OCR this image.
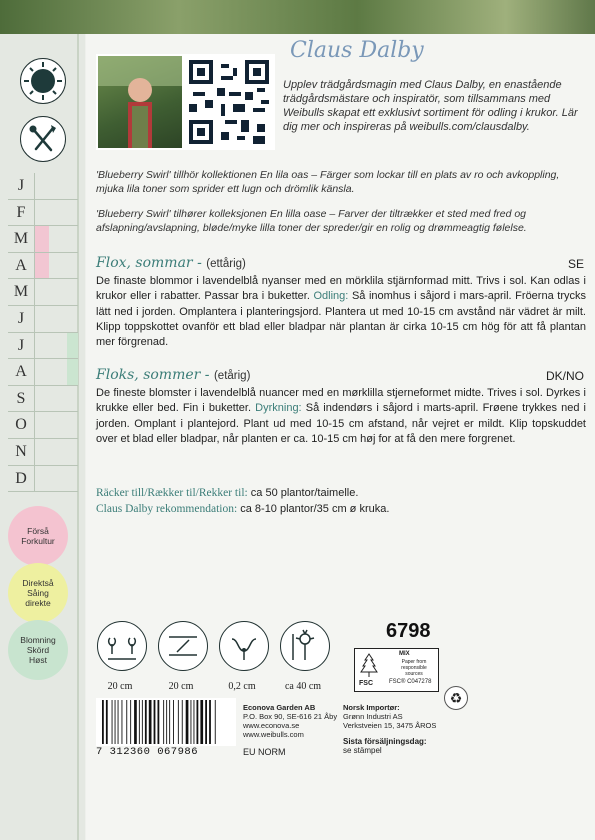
J
F
M
A
M
J
J
A
S
O
N
D
Förså
Forkultur
Direktså
Såing
direkte
Blomning
Skörd
Høst
Claus Dalby
Upplev trädgårdsmagin med Claus Dalby, en enastående trädgårdsmästare och inspiratör, som tillsammans med Weibulls skapat ett exklusivt sortiment för odling i krukor. Lär dig mer och inspireras på weibulls.com/clausdalby.
'Blueberry Swirl' tillhör kollektionen En lila oas – Färger som lockar till en plats av ro och avkoppling, mjuka lila toner som sprider ett lugn och drömlik känsla.
'Blueberry Swirl' tilhører kolleksjonen En lilla oase – Farver der tiltrækker et sted med fred og afslapning/avslapning, bløde/myke lilla toner der spreder/gir en rolig og drømmeagtig følelse.
Flox, sommar - (ettårig)	SE
De finaste blommor i lavendelblå nyanser med en mörklila stjärnformad mitt. Trivs i sol. Kan odlas i krukor eller i rabatter. Passar bra i buketter. Odling: Så inomhus i såjord i mars-april. Fröerna trycks lätt ned i jorden. Omplantera i planteringsjord. Plantera ut med 10-15 cm avstånd när vädret är milt. Klipp toppskottet ovanför ett blad eller bladpar när plantan är cirka 10-15 cm hög för att få plantan mer förgrenad.
Floks, sommer - (etårig)	DK/NO
De fineste blomster i lavendelblå nuancer med en mørklilla stjerneformet midte. Trives i sol. Dyrkes i krukke eller bed. Fin i buketter. Dyrkning: Så indendørs i såjord i marts-april. Frøene trykkes ned i jorden. Omplant i plantejord. Plant ud med 10-15 cm afstand, når vejret er mildt. Klip topskuddet over et blad eller bladpar, når planten er ca. 10-15 cm høj for at få den mere forgrenet.
Räcker till/Rækker til/Rekker til: ca 50 plantor/taimelle.
Claus Dalby rekommendation: ca 8-10 plantor/35 cm ø kruka.
20 cm	20 cm	0,2 cm	ca 40 cm
6798
FSC
MIX
Paper from
responsible sources
FSC® C047278
♻
7 312360 067986
Econova Garden AB
P.O. Box 90, SE-616 21 Åby
www.econova.se
www.weibulls.com
EU NORM
Norsk Importør:
Grønn Industri AS
Verkstveien 15, 3475 ÅROS
Sista försäljningsdag:
se stämpel
